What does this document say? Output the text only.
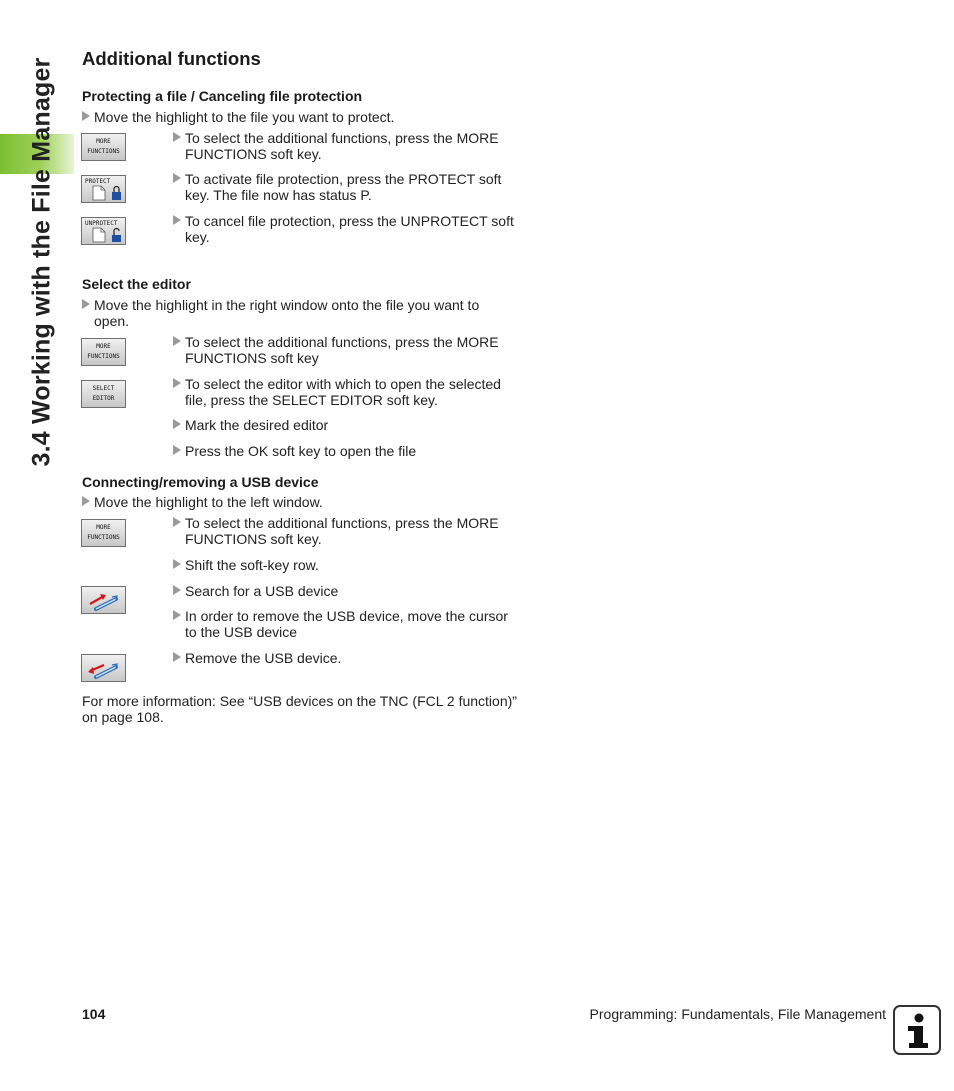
3.4 Working with the File Manager Additional functions
Protecting a file / Canceling file protection
Move the highlight to the file you want to protect.
MORE
FUNCTIONS
To select the additional functions, press the MORE
FUNCTIONS soft key.
PROTECT	To activate file protection, press the PROTECT soft
key. The file now has status P.
UNPROTECT	To cancel file protection, press the UNPROTECT soft
key.
Select the editor
Move the highlight in the right window onto the file you want to
open.
MORE
FUNCTIONS
To select the additional functions, press the MORE
FUNCTIONS soft key
SELECT
EDITOR
To select the editor with which to open the selected
file, press the SELECT EDITOR soft key.
Mark the desired editor
Press the OK soft key to open the file
Connecting/removing a USB device
Move the highlight to the left window.
MORE
FUNCTIONS
To select the additional functions, press the MORE
FUNCTIONS soft key.
Shift the soft-key row.
Search for a USB device
In order to remove the USB device, move the cursor
to the USB device
Remove the USB device.
For more information: See “USB devices on the TNC (FCL 2 function)”
on page 108.
104	Programming: Fundamentals, File Management
